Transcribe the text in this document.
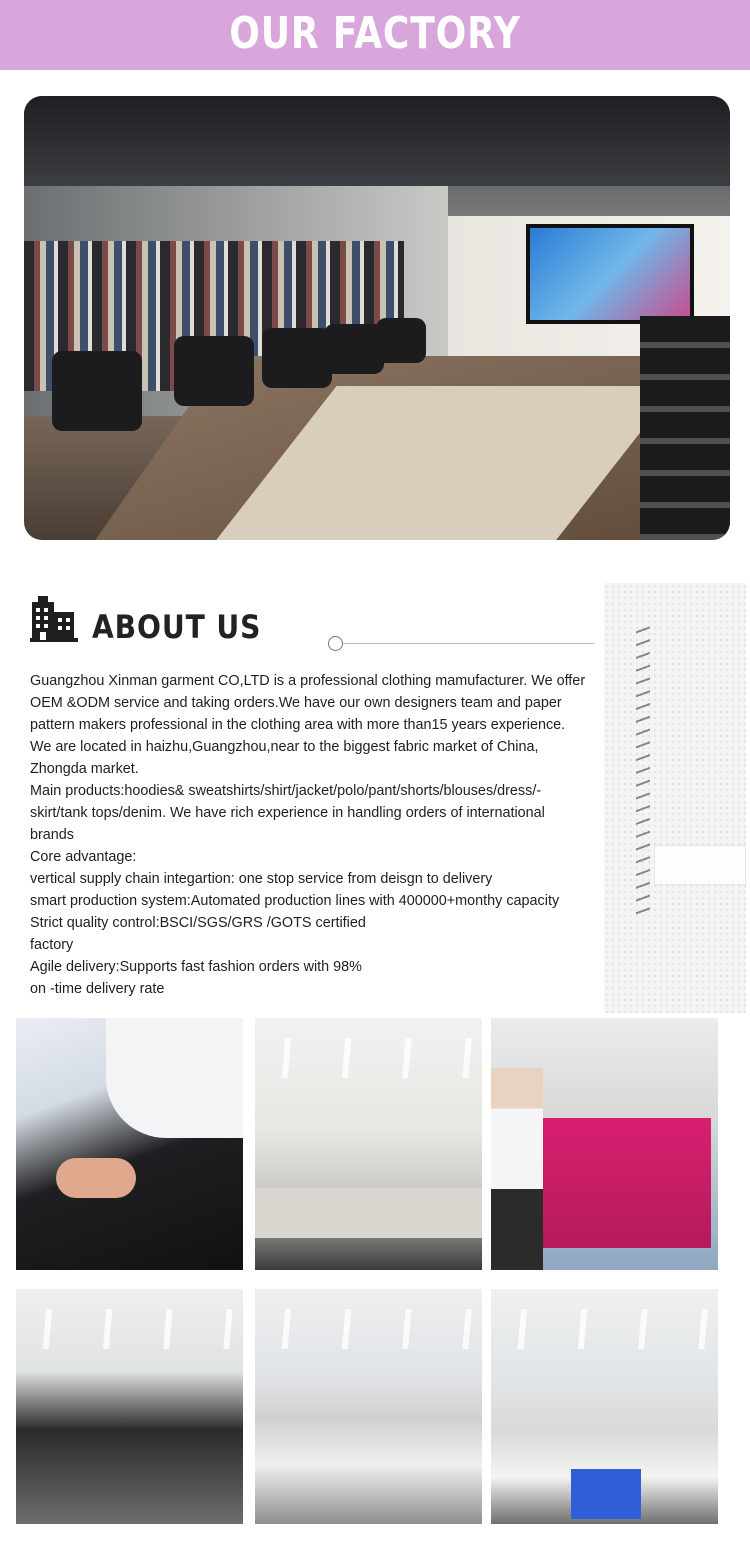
OUR FACTORY
ABOUT US

Guangzhou Xinman garment CO,LTD is a professional clothing mamufacturer. We offer OEM &ODM service and taking orders.We have our own designers team and paper pattern makers professional in the clothing area with more than15 years experience. We are located in haizhu,Guangzhou,near to the biggest fabric market of China, Zhongda market.

Main products:hoodies& sweatshirts/shirt/jacket/polo/pant/shorts/blouses/dress/-skirt/tank tops/denim. We have rich experience in handling orders of international brands

Core advantage:

vertical supply chain integartion: one stop service from deisgn to delivery

smart production system:Automated production lines with 400000+monthy capacity

Strict quality control:BSCI/SGS/GRS /GOTS certified

factory

Agile delivery:Supports fast fashion orders with 98%

on -time delivery rate
